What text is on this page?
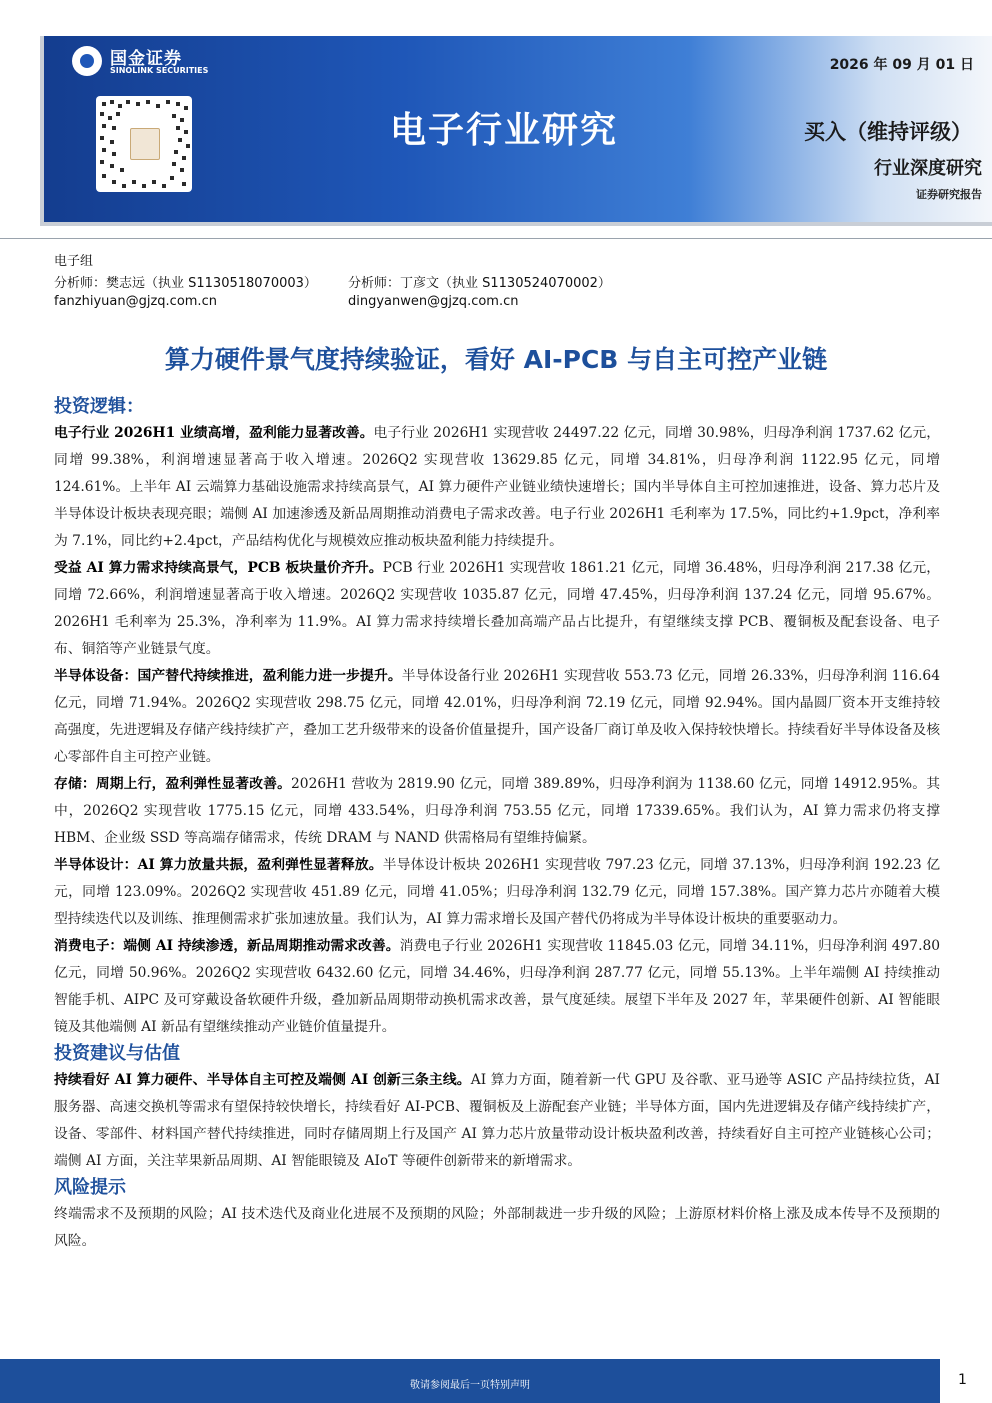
国金证券
SINOLINK SECURITIES
电子行业研究
2026 年 09 月 01 日
买入（维持评级）
行业深度研究
证券研究报告
电子组
分析师：樊志远（执业 S1130518070003） 分析师：丁彦文（执业 S1130524070002）
fanzhiyuan@gjzq.com.cn	dingyanwen@gjzq.com.cn
算力硬件景气度持续验证，看好 AI-PCB 与自主可控产业链
投资逻辑：

电子行业 2026H1 业绩高增，盈利能力显著改善。电子行业 2026H1 实现营收 24497.22 亿元，同增 30.98%，归母净利润 1737.62 亿元，同增 99.38%，利润增速显著高于收入增速。2026Q2 实现营收 13629.85 亿元，同增 34.81%，归母净利润 1122.95 亿元，同增 124.61%。上半年 AI 云端算力基础设施需求持续高景气，AI 算力硬件产业链业绩快速增长；国内半导体自主可控加速推进，设备、算力芯片及半导体设计板块表现亮眼；端侧 AI 加速渗透及新品周期推动消费电子需求改善。电子行业 2026H1 毛利率为 17.5%，同比约+1.9pct，净利率为 7.1%，同比约+2.4pct，产品结构优化与规模效应推动板块盈利能力持续提升。

受益 AI 算力需求持续高景气，PCB 板块量价齐升。PCB 行业 2026H1 实现营收 1861.21 亿元，同增 36.48%，归母净利润 217.38 亿元，同增 72.66%，利润增速显著高于收入增速。2026Q2 实现营收 1035.87 亿元，同增 47.45%，归母净利润 137.24 亿元，同增 95.67%。2026H1 毛利率为 25.3%，净利率为 11.9%。AI 算力需求持续增长叠加高端产品占比提升，有望继续支撑 PCB、覆铜板及配套设备、电子布、铜箔等产业链景气度。

半导体设备：国产替代持续推进，盈利能力进一步提升。半导体设备行业 2026H1 实现营收 553.73 亿元，同增 26.33%，归母净利润 116.64 亿元，同增 71.94%。2026Q2 实现营收 298.75 亿元，同增 42.01%，归母净利润 72.19 亿元，同增 92.94%。国内晶圆厂资本开支维持较高强度，先进逻辑及存储产线持续扩产，叠加工艺升级带来的设备价值量提升，国产设备厂商订单及收入保持较快增长。持续看好半导体设备及核心零部件自主可控产业链。

存储：周期上行，盈利弹性显著改善。2026H1 营收为 2819.90 亿元，同增 389.89%，归母净利润为 1138.60 亿元，同增 14912.95%。其中，2026Q2 实现营收 1775.15 亿元，同增 433.54%，归母净利润 753.55 亿元，同增 17339.65%。我们认为，AI 算力需求仍将支撑 HBM、企业级 SSD 等高端存储需求，传统 DRAM 与 NAND 供需格局有望维持偏紧。

半导体设计：AI 算力放量共振，盈利弹性显著释放。半导体设计板块 2026H1 实现营收 797.23 亿元，同增 37.13%，归母净利润 192.23 亿元，同增 123.09%。2026Q2 实现营收 451.89 亿元，同增 41.05%；归母净利润 132.79 亿元，同增 157.38%。国产算力芯片亦随着大模型持续迭代以及训练、推理侧需求扩张加速放量。我们认为，AI 算力需求增长及国产替代仍将成为半导体设计板块的重要驱动力。

消费电子：端侧 AI 持续渗透，新品周期推动需求改善。消费电子行业 2026H1 实现营收 11845.03 亿元，同增 34.11%，归母净利润 497.80 亿元，同增 50.96%。2026Q2 实现营收 6432.60 亿元，同增 34.46%，归母净利润 287.77 亿元，同增 55.13%。上半年端侧 AI 持续推动智能手机、AIPC 及可穿戴设备软硬件升级，叠加新品周期带动换机需求改善，景气度延续。展望下半年及 2027 年，苹果硬件创新、AI 智能眼镜及其他端侧 AI 新品有望继续推动产业链价值量提升。

投资建议与估值

持续看好 AI 算力硬件、半导体自主可控及端侧 AI 创新三条主线。AI 算力方面，随着新一代 GPU 及谷歌、亚马逊等 ASIC 产品持续拉货，AI 服务器、高速交换机等需求有望保持较快增长，持续看好 AI-PCB、覆铜板及上游配套产业链；半导体方面，国内先进逻辑及存储产线持续扩产，设备、零部件、材料国产替代持续推进，同时存储周期上行及国产 AI 算力芯片放量带动设计板块盈利改善，持续看好自主可控产业链核心公司；端侧 AI 方面，关注苹果新品周期、AI 智能眼镜及 AIoT 等硬件创新带来的新增需求。

风险提示

终端需求不及预期的风险；AI 技术迭代及商业化进展不及预期的风险；外部制裁进一步升级的风险；上游原材料价格上涨及成本传导不及预期的风险。

敬请参阅最后一页特别声明	1
